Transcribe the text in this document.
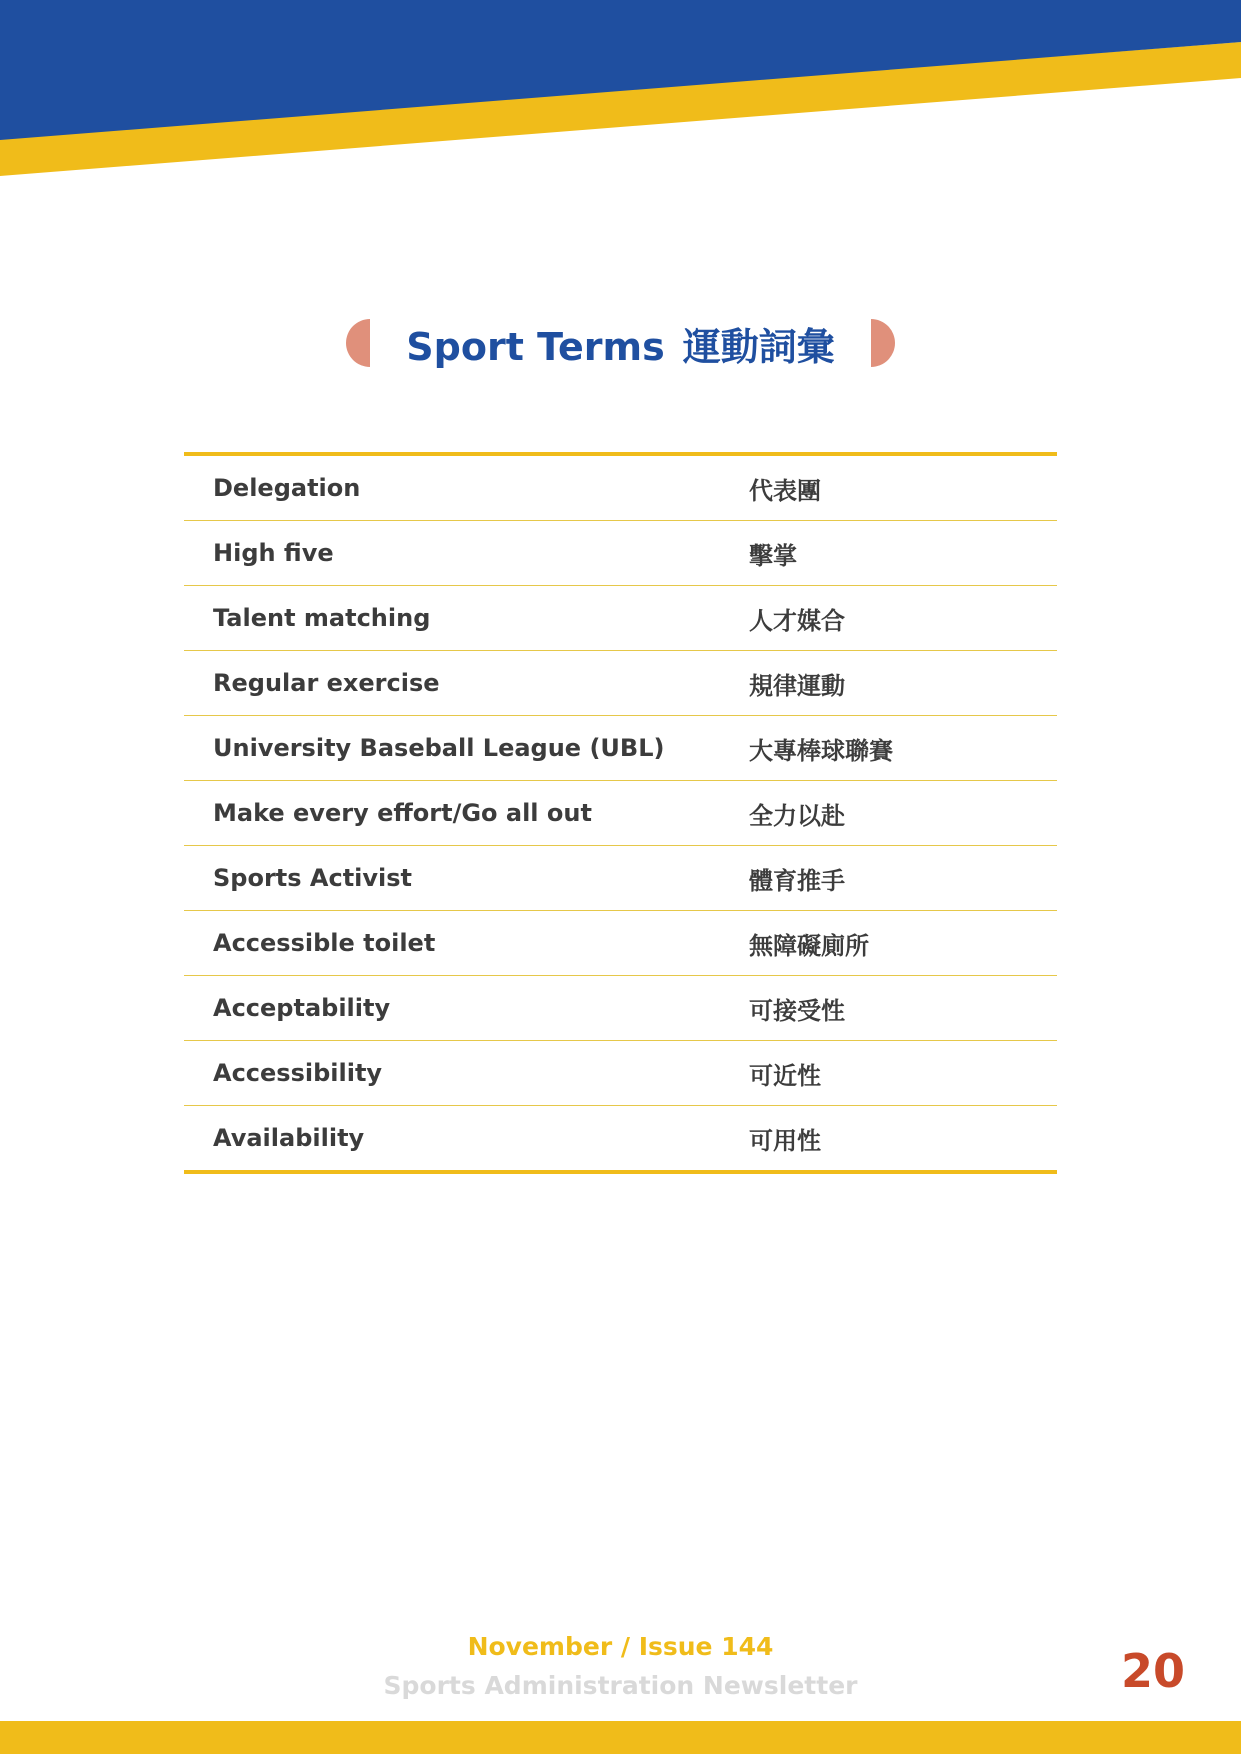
Sport Terms 運動詞彙
Delegation	代表團
High five	擊掌
Talent matching	人才媒合
Regular exercise	規律運動
University Baseball League (UBL)	大專棒球聯賽
Make every effort/Go all out	全力以赴
Sports Activist	體育推手
Accessible toilet	無障礙廁所
Acceptability	可接受性
Accessibility	可近性
Availability	可用性
November / Issue 144
Sports Administration Newsletter	20
